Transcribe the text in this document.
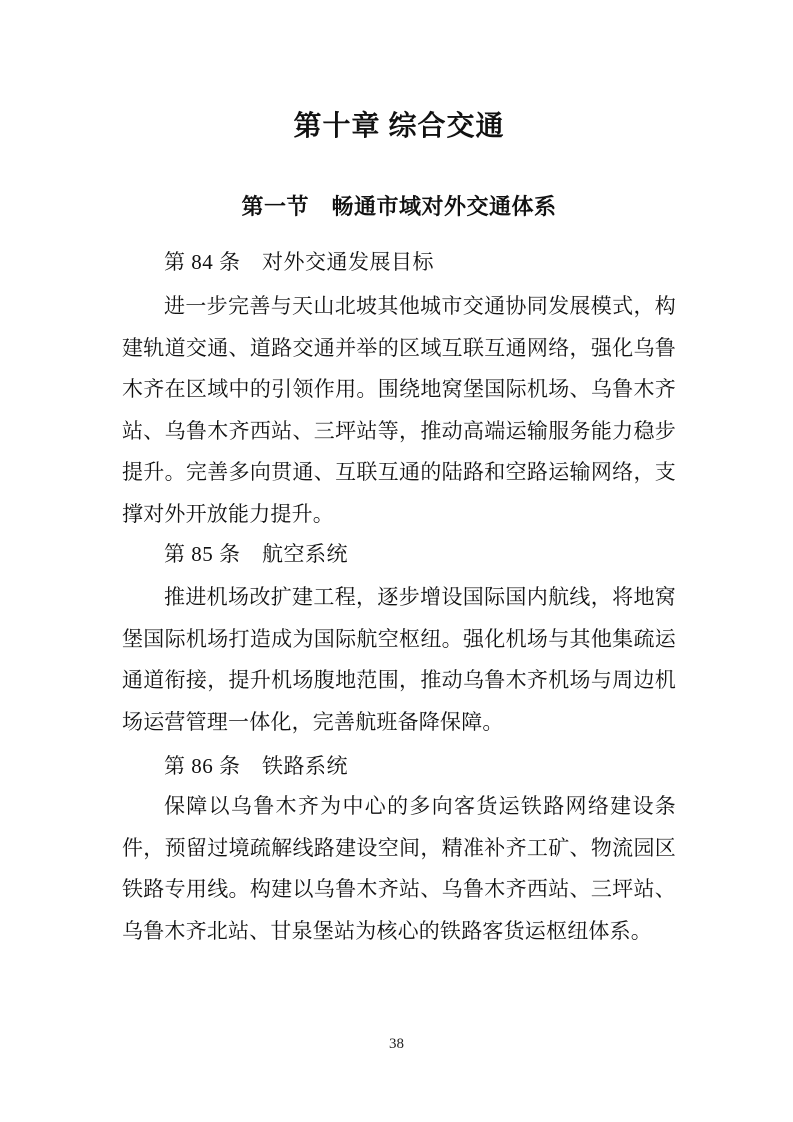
第十章 综合交通
第一节　畅通市域对外交通体系
第 84 条　对外交通发展目标

进一步完善与天山北坡其他城市交通协同发展模式，构建轨道交通、道路交通并举的区域互联互通网络，强化乌鲁木齐在区域中的引领作用。围绕地窝堡国际机场、乌鲁木齐站、乌鲁木齐西站、三坪站等，推动高端运输服务能力稳步提升。完善多向贯通、互联互通的陆路和空路运输网络，支撑对外开放能力提升。

第 85 条　航空系统

推进机场改扩建工程，逐步增设国际国内航线，将地窝堡国际机场打造成为国际航空枢纽。强化机场与其他集疏运通道衔接，提升机场腹地范围，推动乌鲁木齐机场与周边机场运营管理一体化，完善航班备降保障。

第 86 条　铁路系统

保障以乌鲁木齐为中心的多向客货运铁路网络建设条件，预留过境疏解线路建设空间，精准补齐工矿、物流园区铁路专用线。构建以乌鲁木齐站、乌鲁木齐西站、三坪站、乌鲁木齐北站、甘泉堡站为核心的铁路客货运枢纽体系。

38
